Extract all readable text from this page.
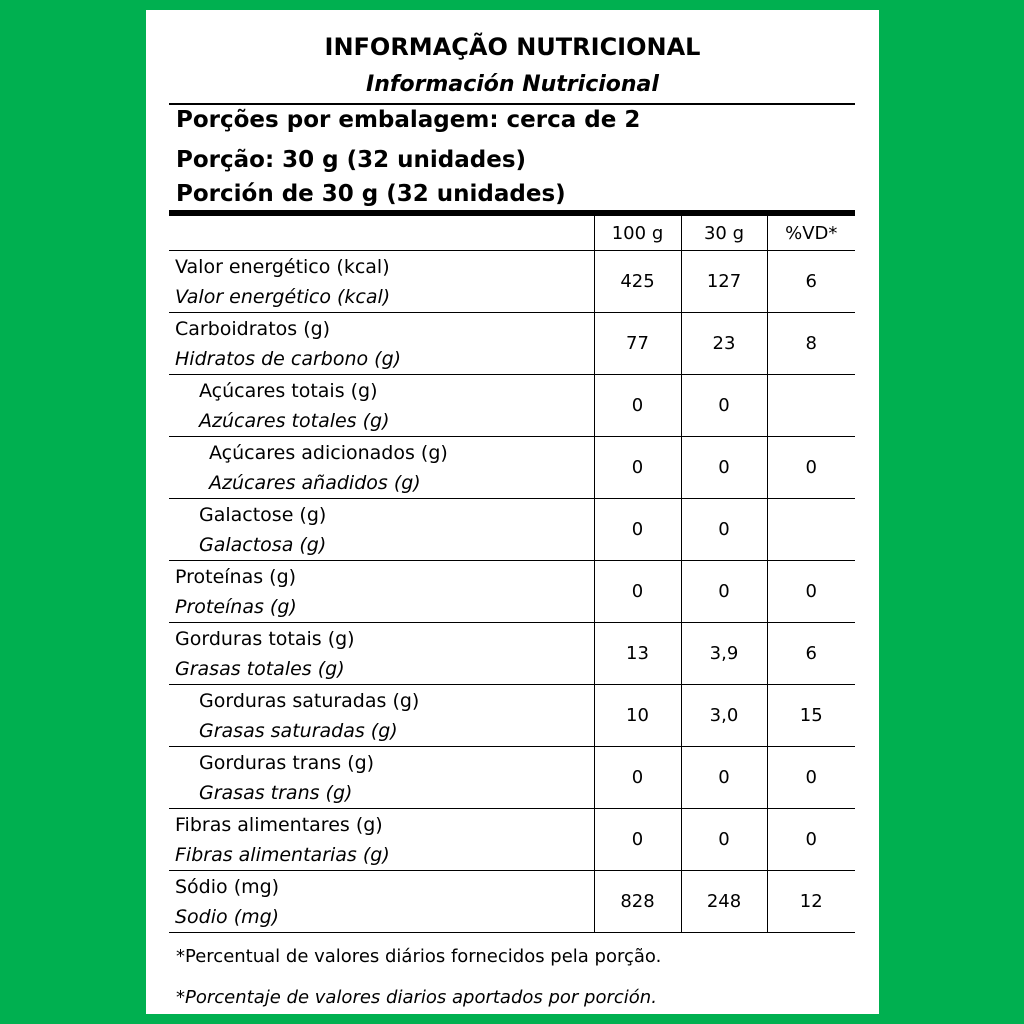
INFORMAÇÃO NUTRICIONAL
Información Nutricional
Porções por embalagem: cerca de 2
Porção: 30 g (32 unidades)
Porción de 30 g (32 unidades)
	100 g	30 g	%VD*

Valor energético (kcal)
Valor energético (kcal)	425	127	6

Carboidratos (g)
Hidratos de carbono (g)	77	23	8

Açúcares totais (g)
Azúcares totales (g)	0	0	

Açúcares adicionados (g)
Azúcares añadidos (g)	0	0	0

Galactose (g)
Galactosa (g)	0	0	

Proteínas (g)
Proteínas (g)	0	0	0

Gorduras totais (g)
Grasas totales (g)	13	3,9	6

Gorduras saturadas (g)
Grasas saturadas (g)	10	3,0	15

Gorduras trans (g)
Grasas trans (g)	0	0	0

Fibras alimentares (g)
Fibras alimentarias (g)	0	0	0

Sódio (mg)
Sodio (mg)	828	248	12
*Percentual de valores diários fornecidos pela porção.
*Porcentaje de valores diarios aportados por porción.
